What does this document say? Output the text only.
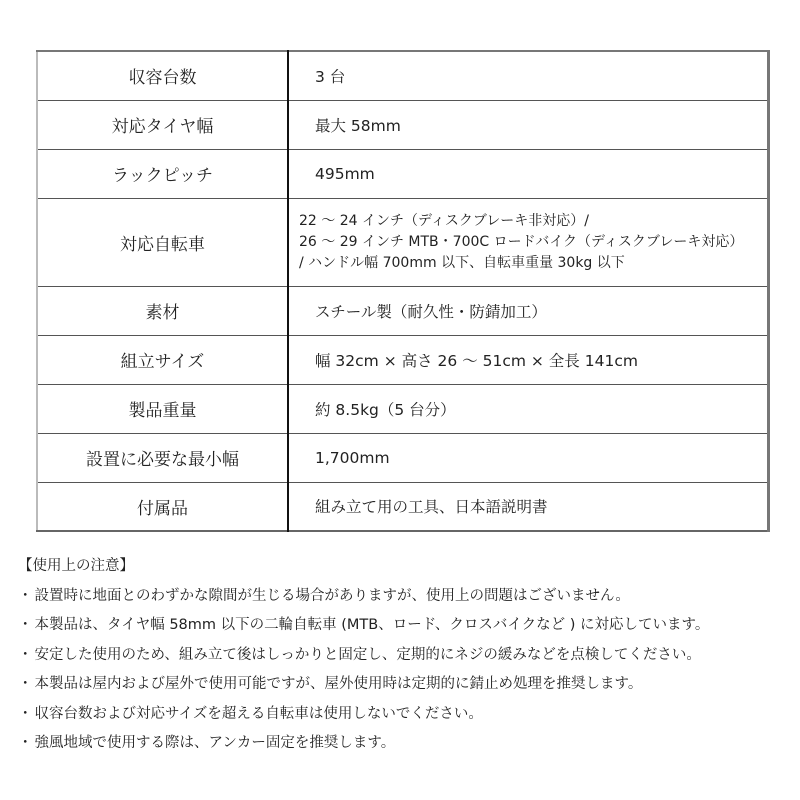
収容台数	3 台
対応タイヤ幅	最大 58mm
ラックピッチ	495mm
対応自転車	22 ～ 24 インチ（ディスクブレーキ非対応）/
26 ～ 29 インチ MTB・700C ロードバイク（ディスクブレーキ対応）
/ ハンドル幅 700mm 以下、自転車重量 30kg 以下

素材	スチール製（耐久性・防錆加工）
組立サイズ	幅 32cm × 高さ 26 ～ 51cm × 全長 141cm
製品重量	約 8.5kg（5 台分）
設置に必要な最小幅	1,700mm
付属品	組み立て用の工具、日本語説明書

【使用上の注意】

・ 設置時に地面とのわずかな隙間が生じる場合がありますが、使用上の問題はございません。
・ 本製品は、タイヤ幅 58mm 以下の二輪自転車 (MTB、ロード、クロスバイクなど ) に対応しています。
・ 安定した使用のため、組み立て後はしっかりと固定し、定期的にネジの緩みなどを点検してください。
・ 本製品は屋内および屋外で使用可能ですが、屋外使用時は定期的に錆止め処理を推奨します。
・ 収容台数および対応サイズを超える自転車は使用しないでください。
・ 強風地域で使用する際は、アンカー固定を推奨します。
